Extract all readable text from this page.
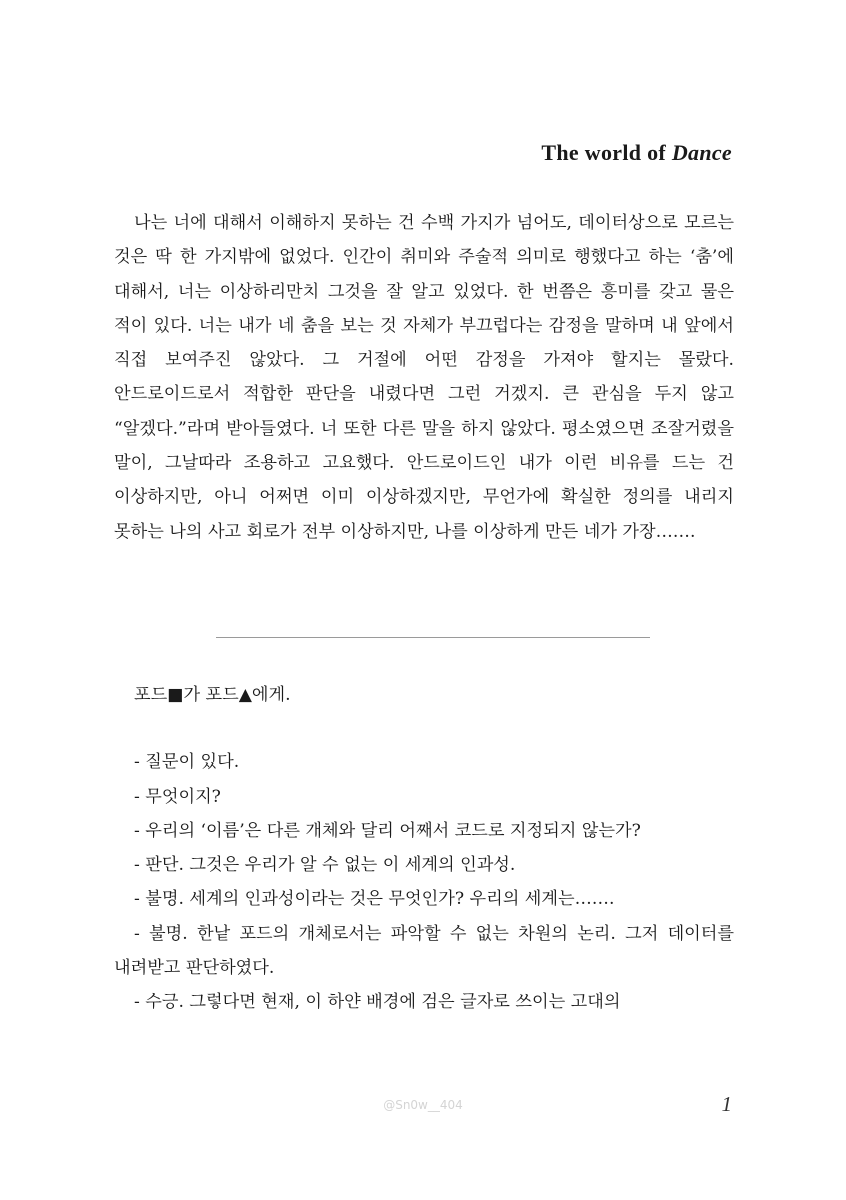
The world of Dance

나는 너에 대해서 이해하지 못하는 건 수백 가지가 넘어도, 데이터상으로 모르는 것은 딱 한 가지밖에 없었다. 인간이 취미와 주술적 의미로 행했다고 하는 ‘춤’에 대해서, 너는 이상하리만치 그것을 잘 알고 있었다. 한 번쯤은 흥미를 갖고 물은 적이 있다. 너는 내가 네 춤을 보는 것 자체가 부끄럽다는 감정을 말하며 내 앞에서 직접 보여주진 않았다. 그 거절에 어떤 감정을 가져야 할지는 몰랐다. 안드로이드로서 적합한 판단을 내렸다면 그런 거겠지. 큰 관심을 두지 않고 “알겠다.”라며 받아들였다. 너 또한 다른 말을 하지 않았다. 평소였으면 조잘거렸을 말이, 그날따라 조용하고 고요했다. 안드로이드인 내가 이런 비유를 드는 건 이상하지만, 아니 어쩌면 이미 이상하겠지만, 무언가에 확실한 정의를 내리지 못하는 나의 사고 회로가 전부 이상하지만, 나를 이상하게 만든 네가 가장…….

포드■가 포드▲에게.

- 질문이 있다.

- 무엇이지?

- 우리의 ‘이름’은 다른 개체와 달리 어째서 코드로 지정되지 않는가?

- 판단. 그것은 우리가 알 수 없는 이 세계의 인과성.

- 불명. 세계의 인과성이라는 것은 무엇인가? 우리의 세계는…….

- 불명. 한낱 포드의 개체로서는 파악할 수 없는 차원의 논리. 그저 데이터를 내려받고 판단하였다.

- 수긍. 그렇다면 현재, 이 하얀 배경에 검은 글자로 쓰이는 고대의

@Sn0w__404	1
